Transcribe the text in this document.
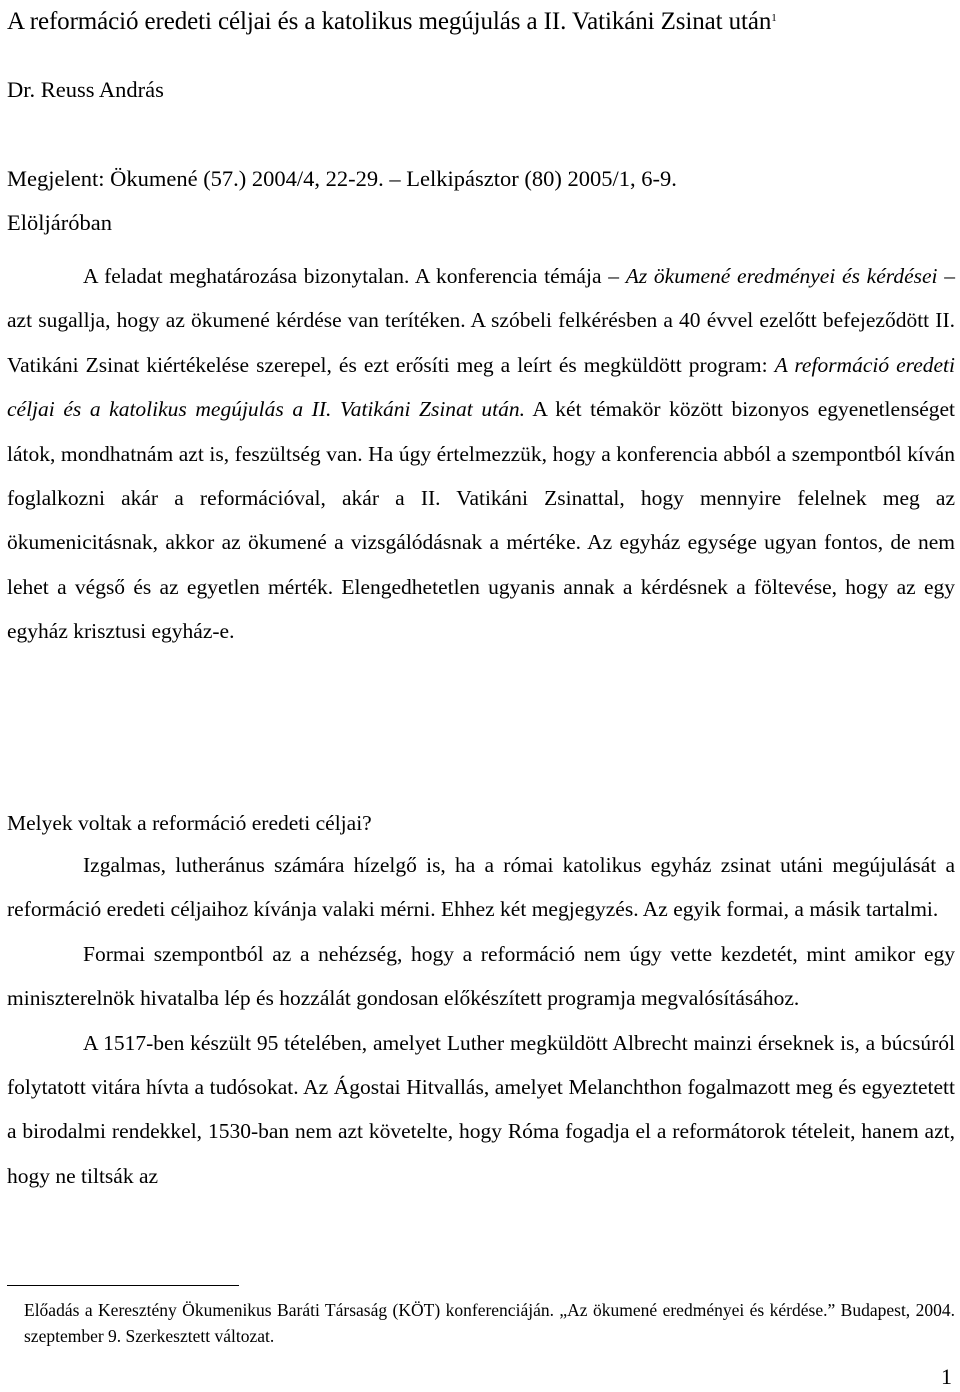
A reformáció eredeti céljai és a katolikus megújulás a II. Vatikáni Zsinat után$^1$
Dr. Reuss András
Megjelent: Ökumené (57.) 2004/4, 22-29. – Lelkipásztor (80) 2005/1, 6-9.
Elöljáróban

A feladat meghatározása bizonytalan. A konferencia témája – Az ökumené eredményei és kérdései – azt sugallja, hogy az ökumené kérdése van terítéken. A szóbeli felkérésben a 40 évvel ezelőtt befejeződött II. Vatikáni Zsinat kiértékelése szerepel, és ezt erősíti meg a leírt és megküldött program: A reformáció eredeti céljai és a katolikus megújulás a II. Vatikáni Zsinat után. A két témakör között bizonyos egyenetlenséget látok, mondhatnám azt is, feszültség van. Ha úgy értelmezzük, hogy a konferencia abból a szempontból kíván foglalkozni akár a reformációval, akár a II. Vatikáni Zsinattal, hogy mennyire felelnek meg az ökumenicitásnak, akkor az ökumené a vizsgálódásnak a mértéke. Az egyház egysége ugyan fontos, de nem lehet a végső és az egyetlen mérték. Elengedhetetlen ugyanis annak a kérdésnek a föltevése, hogy az egy egyház krisztusi egyház-e.

Melyek voltak a reformáció eredeti céljai?

Izgalmas, lutheránus számára hízelgő is, ha a római katolikus egyház zsinat utáni megújulását a reformáció eredeti céljaihoz kívánja valaki mérni. Ehhez két megjegyzés. Az egyik formai, a másik tartalmi.

Formai szempontból az a nehézség, hogy a reformáció nem úgy vette kezdetét, mint amikor egy miniszterelnök hivatalba lép és hozzálát gondosan előkészített programja megvalósításához.

A 1517-ben készült 95 tételében, amelyet Luther megküldött Albrecht mainzi érseknek is, a búcsúról folytatott vitára hívta a tudósokat. Az Ágostai Hitvallás, amelyet Melanchthon fogalmazott meg és egyeztetett a birodalmi rendekkel, 1530-ban nem azt követelte, hogy Róma fogadja el a reformátorok tételeit, hanem azt, hogy ne tiltsák az

Előadás a Keresztény Ökumenikus Baráti Társaság (KÖT) konferenciáján. „Az ökumené eredményei és kérdése.” Budapest, 2004. szeptember 9. Szerkesztett változat.
1
